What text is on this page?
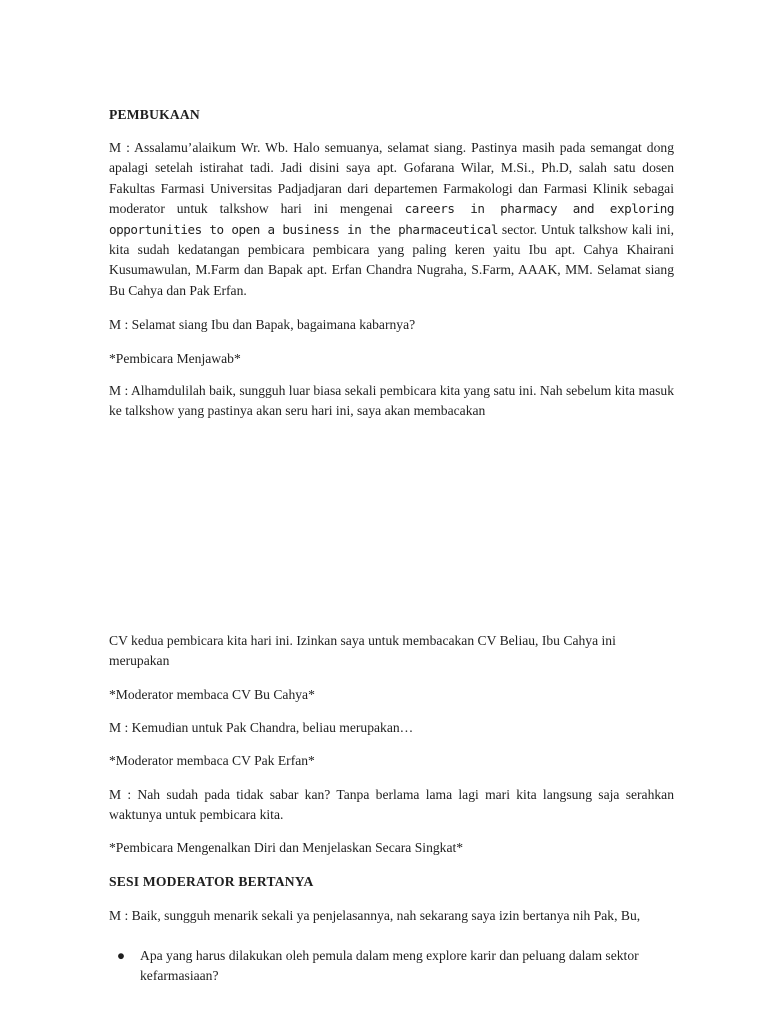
PEMBUKAAN
M : Assalamu’alaikum Wr. Wb. Halo semuanya, selamat siang. Pastinya masih pada semangat dong apalagi setelah istirahat tadi. Jadi disini saya apt. Gofarana Wilar, M.Si., Ph.D, salah satu dosen Fakultas Farmasi Universitas Padjadjaran dari departemen Farmakologi dan Farmasi Klinik sebagai moderator untuk talkshow hari ini mengenai careers in pharmacy and exploring opportunities to open a business in the pharmaceutical sector. Untuk talkshow kali ini, kita sudah kedatangan pembicara pembicara yang paling keren yaitu Ibu apt. Cahya Khairani Kusumawulan, M.Farm dan Bapak apt. Erfan Chandra Nugraha, S.Farm, AAAK, MM. Selamat siang Bu Cahya dan Pak Erfan.
M : Selamat siang Ibu dan Bapak, bagaimana kabarnya?
*Pembicara Menjawab*
M : Alhamdulilah baik, sungguh luar biasa sekali pembicara kita yang satu ini. Nah sebelum kita masuk ke talkshow yang pastinya akan seru hari ini, saya akan membacakan
CV kedua pembicara kita hari ini. Izinkan saya untuk membacakan CV Beliau, Ibu Cahya ini merupakan
*Moderator membaca CV Bu Cahya*
M : Kemudian untuk Pak Chandra, beliau merupakan…
*Moderator membaca CV Pak Erfan*
M : Nah sudah pada tidak sabar kan? Tanpa berlama lama lagi mari kita langsung saja serahkan waktunya untuk pembicara kita.
*Pembicara Mengenalkan Diri dan Menjelaskan Secara Singkat*
SESI MODERATOR BERTANYA
M : Baik, sungguh menarik sekali ya penjelasannya, nah sekarang saya izin bertanya nih Pak, Bu,
● Apa yang harus dilakukan oleh pemula dalam meng explore karir dan peluang dalam sektor kefarmasiaan?
